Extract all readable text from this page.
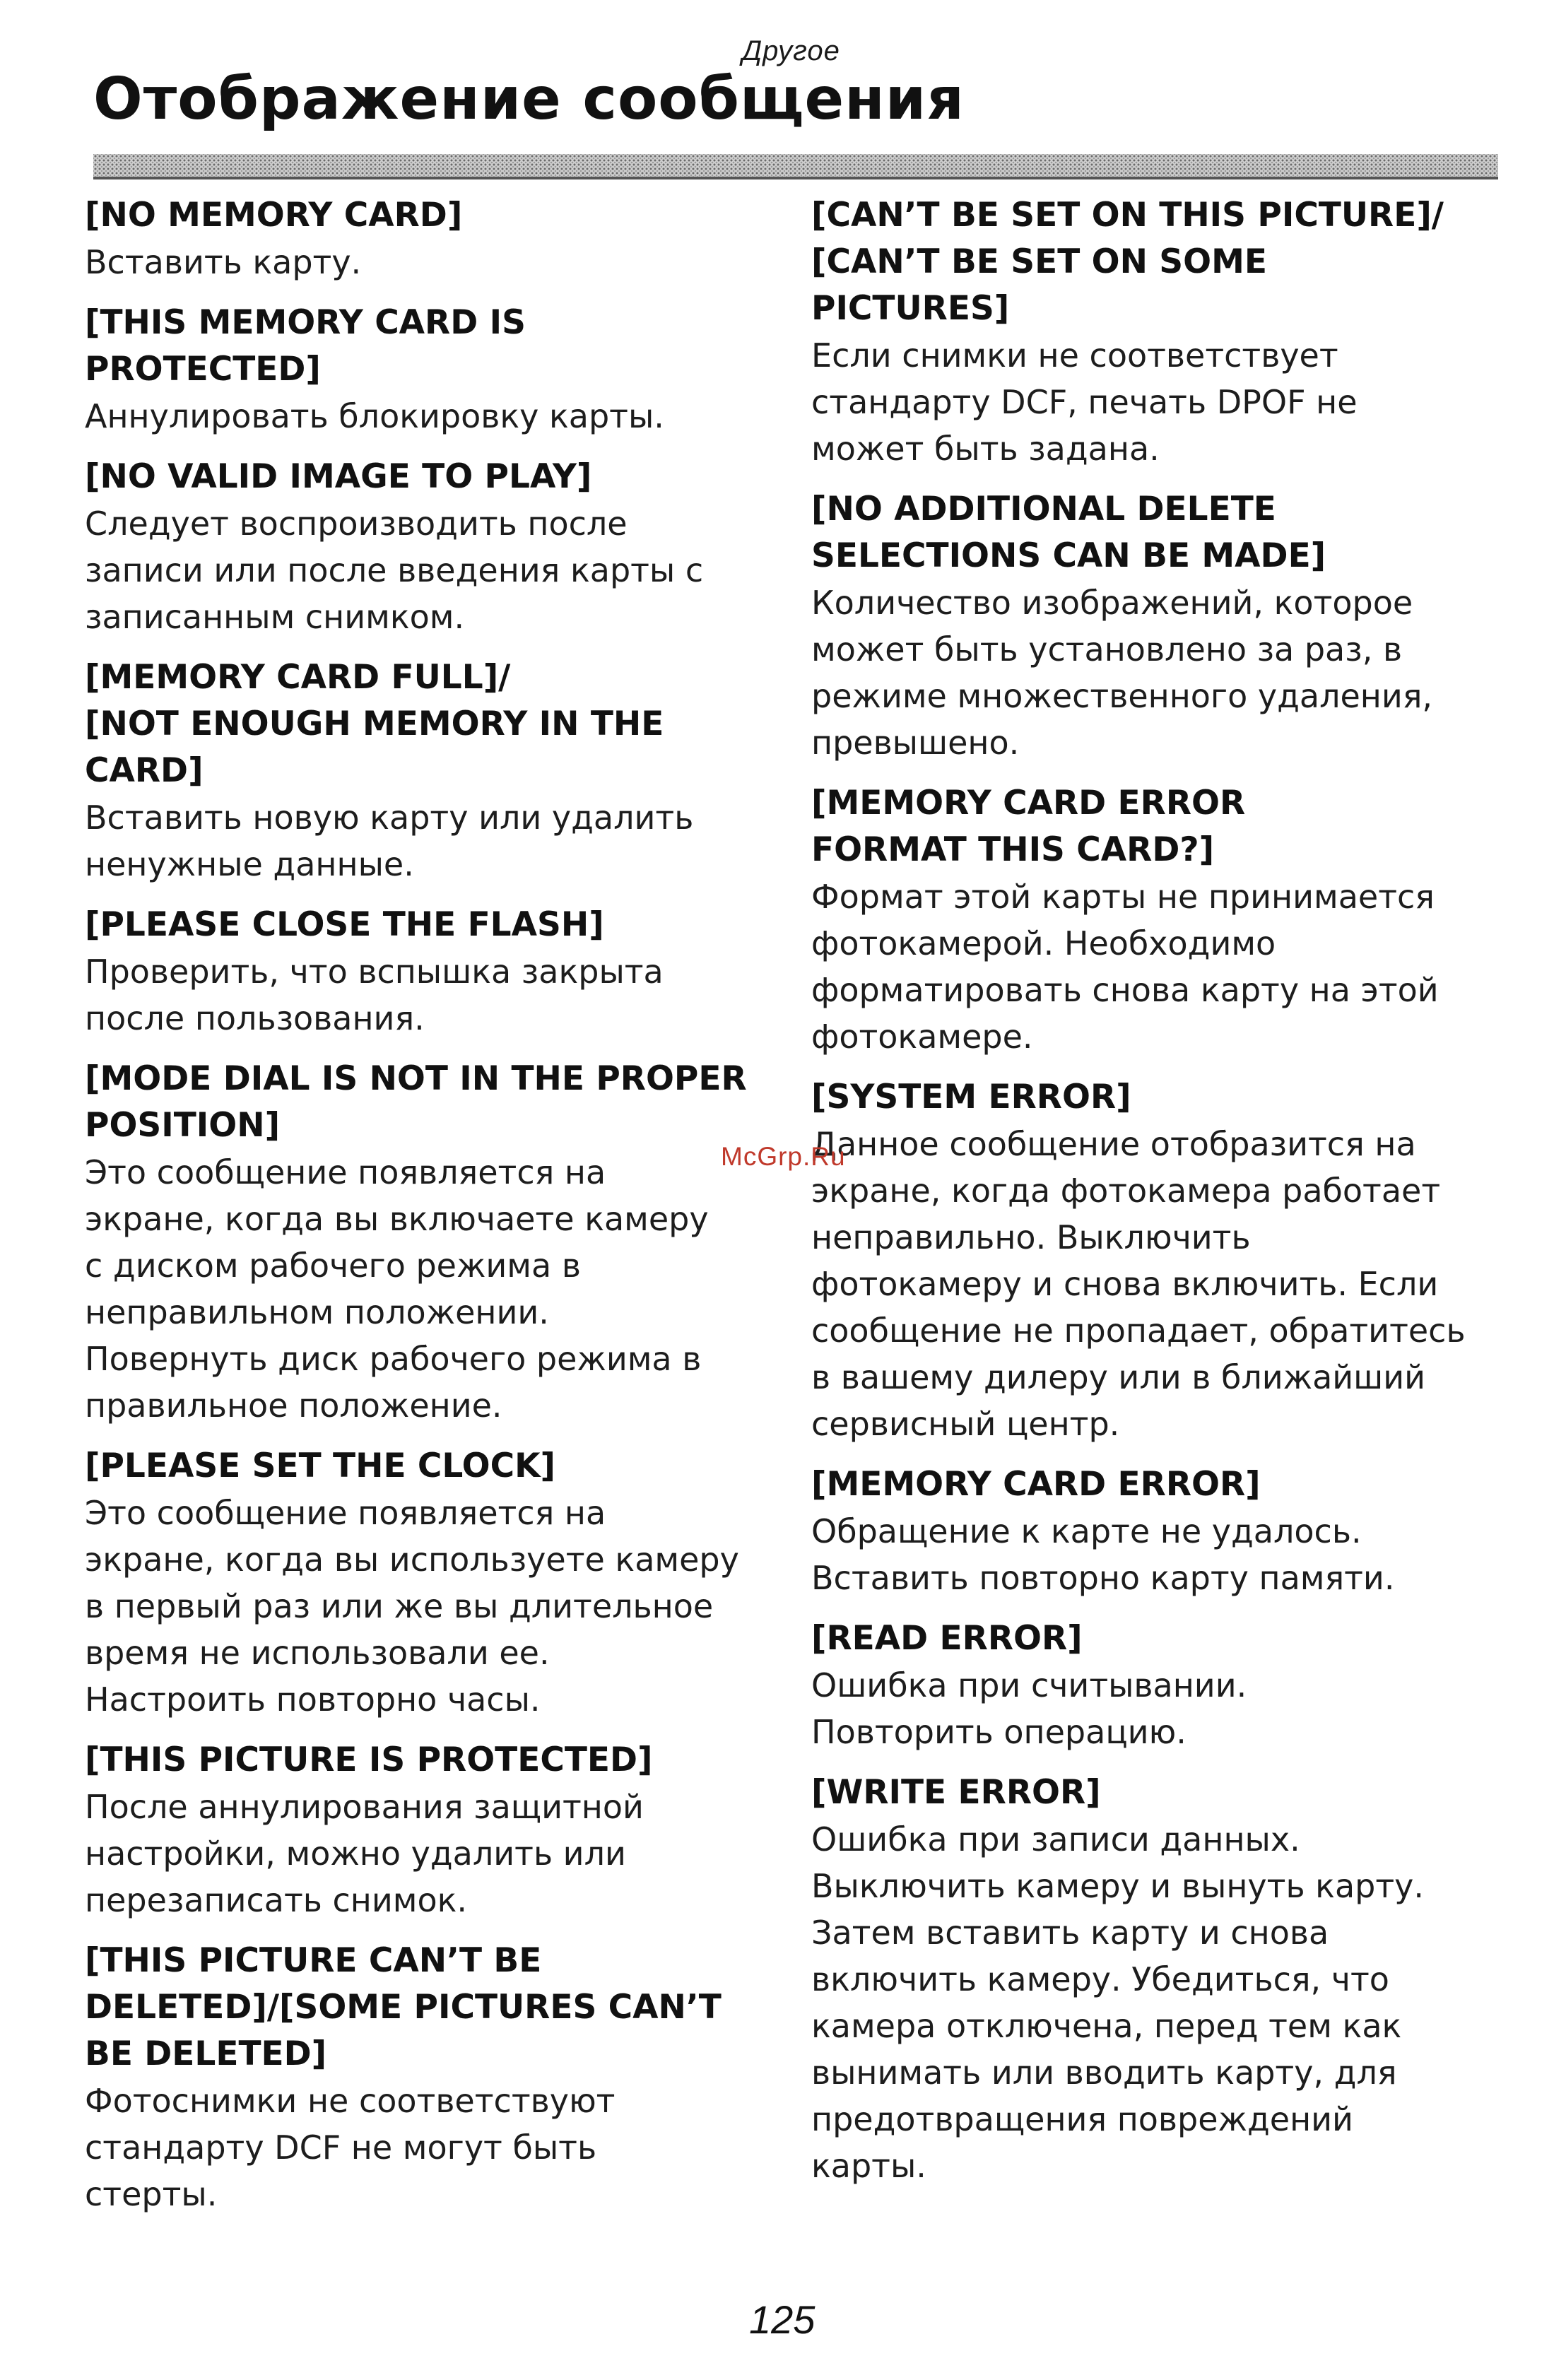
Другое
Отображение сообщения
[NO MEMORY CARD]
Вставить карту.
[THIS MEMORY CARD IS
PROTECTED]
Аннулировать блокировку карты.
[NO VALID IMAGE TO PLAY]
Следует воспроизводить после
записи или после введения карты с
записанным снимком.
[MEMORY CARD FULL]/
[NOT ENOUGH MEMORY IN THE
CARD]
Вставить новую карту или удалить
ненужные данные.
[PLEASE CLOSE THE FLASH]
Проверить, что вспышка закрыта
после пользования.
[MODE DIAL IS NOT IN THE PROPER
POSITION]
Это сообщение появляется на
экране, когда вы включаете камеру
с диском рабочего режима в
неправильном положении.
Повернуть диск рабочего режима в
правильное положение.
[PLEASE SET THE CLOCK]
Это сообщение появляется на
экране, когда вы используете камеру
в первый раз или же вы длительное
время не использовали ее.
Настроить повторно часы.
[THIS PICTURE IS PROTECTED]
После аннулирования защитной
настройки, можно удалить или
перезаписать снимок.
[THIS PICTURE CAN’T BE
DELETED]/[SOME PICTURES CAN’T
BE DELETED]
Фотоснимки не соответствуют
стандарту DCF не могут быть
стерты.
[CAN’T BE SET ON THIS PICTURE]/
[CAN’T BE SET ON SOME
PICTURES]
Если снимки не соответствует
стандарту DCF, печать DPOF не
может быть задана.
[NO ADDITIONAL DELETE
SELECTIONS CAN BE MADE]
Количество изображений, которое
может быть установлено за раз, в
режиме множественного удаления,
превышено.
[MEMORY CARD ERROR
FORMAT THIS CARD?]
Формат этой карты не принимается
фотокамерой. Необходимо
форматировать снова карту на этой
фотокамере.
[SYSTEM ERROR]
Данное сообщение отобразится на
экране, когда фотокамера работает
неправильно. Выключить
фотокамеру и снова включить. Если
сообщение не пропадает, обратитесь
в вашему дилеру или в ближайший
сервисный центр.
[MEMORY CARD ERROR]
Обращение к карте не удалось.
Вставить повторно карту памяти.
[READ ERROR]
Ошибка при считывании.
Повторить операцию.
[WRITE ERROR]
Ошибка при записи данных.
Выключить камеру и вынуть карту.
Затем вставить карту и снова
включить камеру. Убедиться, что
камера отключена, перед тем как
вынимать или вводить карту, для
предотвращения повреждений
карты.
McGrp.Ru
125
